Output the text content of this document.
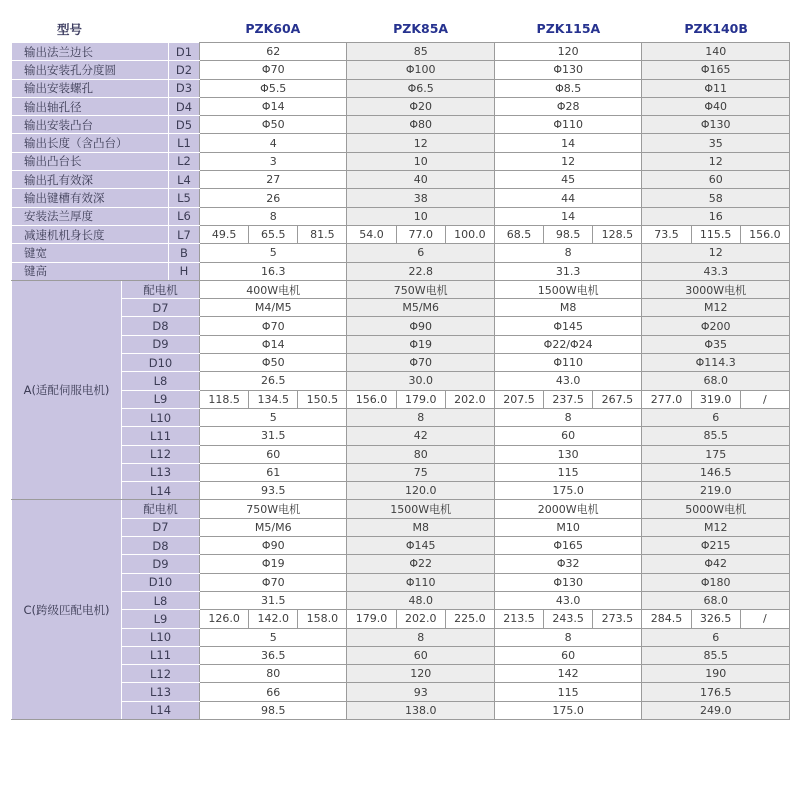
型号	PZK60A	PZK85A	PZK115A	PZK140B
输出法兰边长		D1	62			85			120			140		
输出安装孔分度圆		D2	Φ70			Φ100			Φ130			Φ165		
输出安装螺孔		D3	Φ5.5			Φ6.5			Φ8.5			Φ11		
输出轴孔径		D4	Φ14			Φ20			Φ28			Φ40		
输出安装凸台		D5	Φ50			Φ80			Φ110			Φ130		
输出长度（含凸台）		L1	4			12			14			35		
输出凸台长		L2	3			10			12			12		
输出孔有效深		L4	27			40			45			60		
输出键槽有效深		L5	26			38			44			58		
安装法兰厚度		L6	8			10			14			16		
减速机机身长度		L7	49.5	65.5	81.5	54.0	77.0	100.0	68.5	98.5	128.5	73.5	115.5	156.0
键宽		B	5			6			8			12		
键高		H	16.3			22.8			31.3			43.3		
A(适配伺服电机)	配电机		400W电机			750W电机			1500W电机			3000W电机		
	D7		M4/M5			M5/M6			M8			M12		
	D8		Φ70			Φ90			Φ145			Φ200		
	D9		Φ14			Φ19			Φ22/Φ24			Φ35		
	D10		Φ50			Φ70			Φ110			Φ114.3		
	L8		26.5			30.0			43.0			68.0		
	L9		118.5	134.5	150.5	156.0	179.0	202.0	207.5	237.5	267.5	277.0	319.0	/
	L10		5			8			8			6		
	L11		31.5			42			60			85.5		
	L12		60			80			130			175		
	L13		61			75			115			146.5		
	L14		93.5			120.0			175.0			219.0		
C(跨级匹配电机)	配电机		750W电机			1500W电机			2000W电机			5000W电机		
	D7		M5/M6			M8			M10			M12		
	D8		Φ90			Φ145			Φ165			Φ215		
	D9		Φ19			Φ22			Φ32			Φ42		
	D10		Φ70			Φ110			Φ130			Φ180		
	L8		31.5			48.0			43.0			68.0		
	L9		126.0	142.0	158.0	179.0	202.0	225.0	213.5	243.5	273.5	284.5	326.5	/
	L10		5			8			8			6		
	L11		36.5			60			60			85.5		
	L12		80			120			142			190		
	L13		66			93			115			176.5		
	L14		98.5			138.0			175.0			249.0		
